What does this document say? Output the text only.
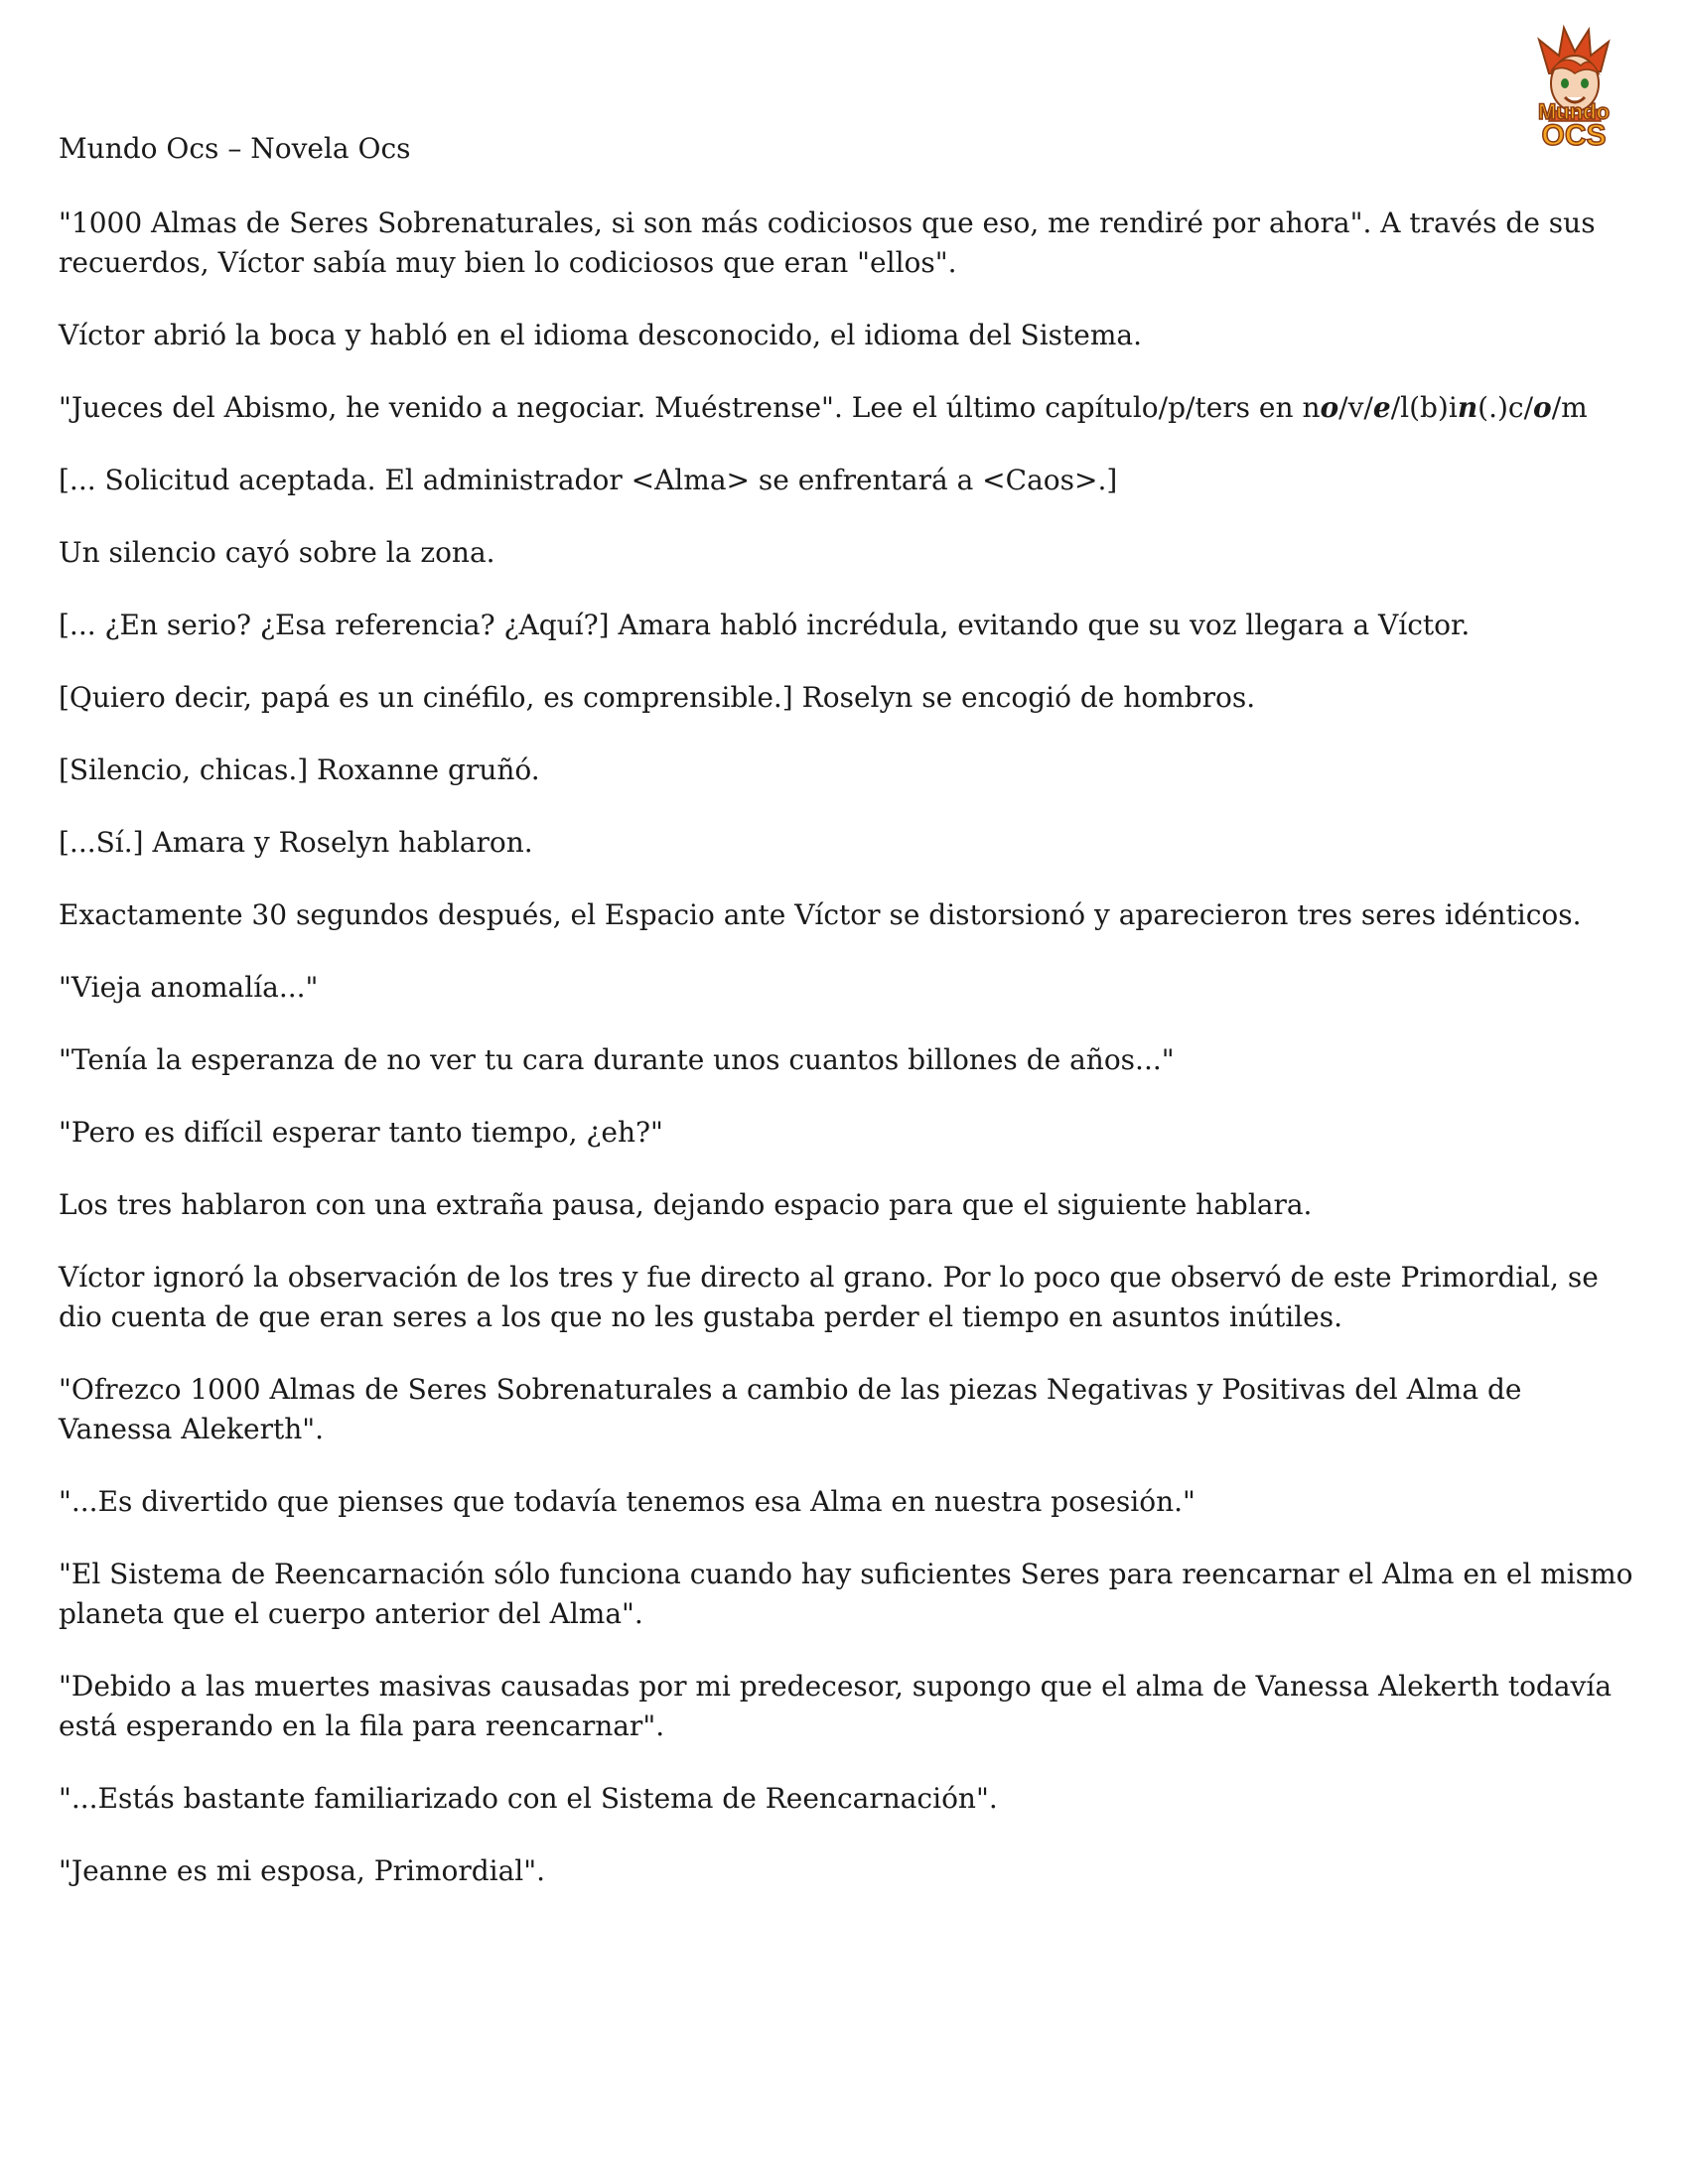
Mundo
OCS

Mundo Ocs – Novela Ocs

"1000 Almas de Seres Sobrenaturales, si son más codiciosos que eso, me rendiré por ahora". A través de sus recuerdos, Víctor sabía muy bien lo codiciosos que eran "ellos".

Víctor abrió la boca y habló en el idioma desconocido, el idioma del Sistema.

"Jueces del Abismo, he venido a negociar. Muéstrense". Lee el último capítulo/p/ters en no/v/e/l(b)in(.)c/o/m

[... Solicitud aceptada. El administrador <Alma> se enfrentará a <Caos>.]

Un silencio cayó sobre la zona.

[... ¿En serio? ¿Esa referencia? ¿Aquí?] Amara habló incrédula, evitando que su voz llegara a Víctor.

[Quiero decir, papá es un cinéfilo, es comprensible.] Roselyn se encogió de hombros.

[Silencio, chicas.] Roxanne gruñó.

[...Sí.] Amara y Roselyn hablaron.

Exactamente 30 segundos después, el Espacio ante Víctor se distorsionó y aparecieron tres seres idénticos.

"Vieja anomalía..."

"Tenía la esperanza de no ver tu cara durante unos cuantos billones de años..."

"Pero es difícil esperar tanto tiempo, ¿eh?"

Los tres hablaron con una extraña pausa, dejando espacio para que el siguiente hablara.

Víctor ignoró la observación de los tres y fue directo al grano. Por lo poco que observó de este Primordial, se dio cuenta de que eran seres a los que no les gustaba perder el tiempo en asuntos inútiles.

"Ofrezco 1000 Almas de Seres Sobrenaturales a cambio de las piezas Negativas y Positivas del Alma de Vanessa Alekerth".

"...Es divertido que pienses que todavía tenemos esa Alma en nuestra posesión."

"El Sistema de Reencarnación sólo funciona cuando hay suficientes Seres para reencarnar el Alma en el mismo planeta que el cuerpo anterior del Alma".

"Debido a las muertes masivas causadas por mi predecesor, supongo que el alma de Vanessa Alekerth todavía está esperando en la fila para reencarnar".

"...Estás bastante familiarizado con el Sistema de Reencarnación".

"Jeanne es mi esposa, Primordial".
